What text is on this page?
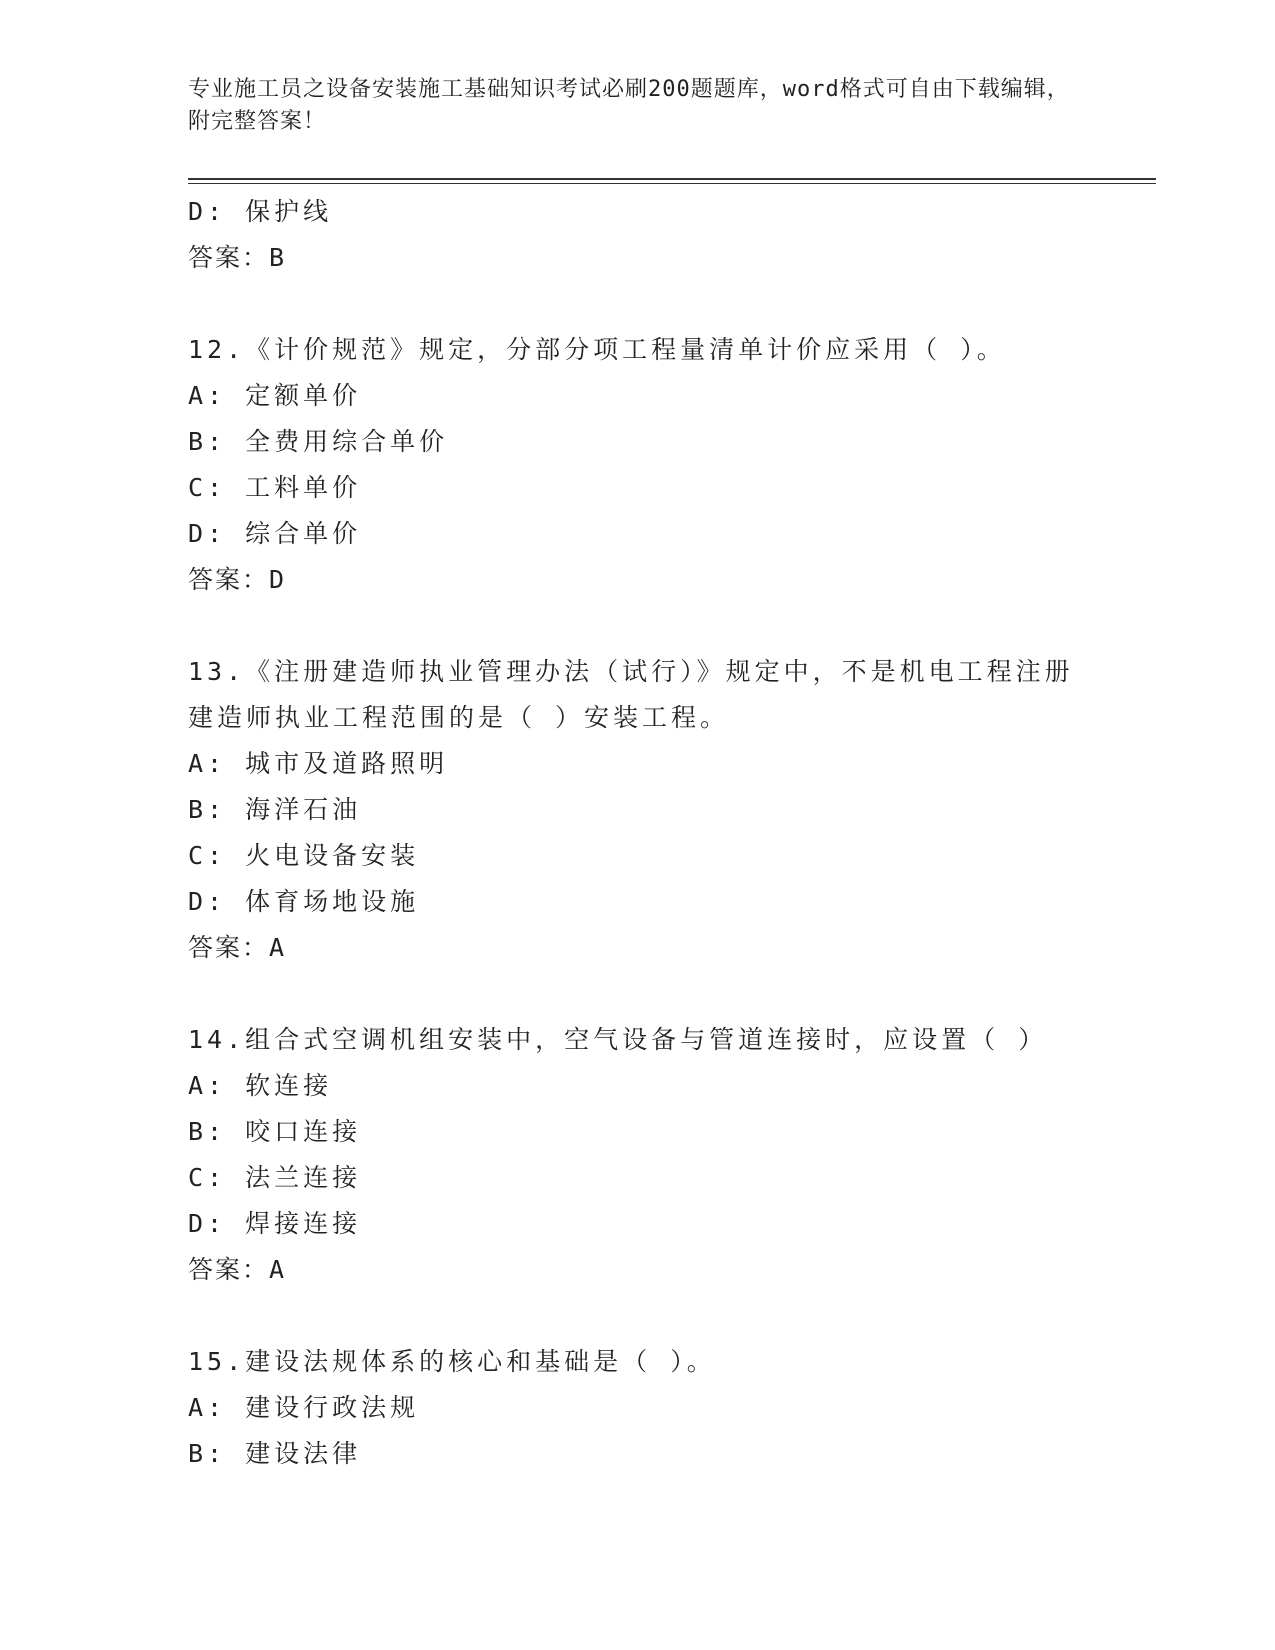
专业施工员之设备安装施工基础知识考试必刷200题题库，word格式可自由下载编辑，附完整答案！
D: 保护线
答案：B
12.《计价规范》规定，分部分项工程量清单计价应采用（ ）。
A: 定额单价
B: 全费用综合单价
C: 工料单价
D: 综合单价
答案：D
13.《注册建造师执业管理办法（试行）》规定中，不是机电工程注册建造师执业工程范围的是（ ）安装工程。
A: 城市及道路照明
B: 海洋石油
C: 火电设备安装
D: 体育场地设施
答案：A
14.组合式空调机组安装中，空气设备与管道连接时，应设置（ ）
A: 软连接
B: 咬口连接
C: 法兰连接
D: 焊接连接
答案：A
15.建设法规体系的核心和基础是（ ）。
A: 建设行政法规
B: 建设法律
